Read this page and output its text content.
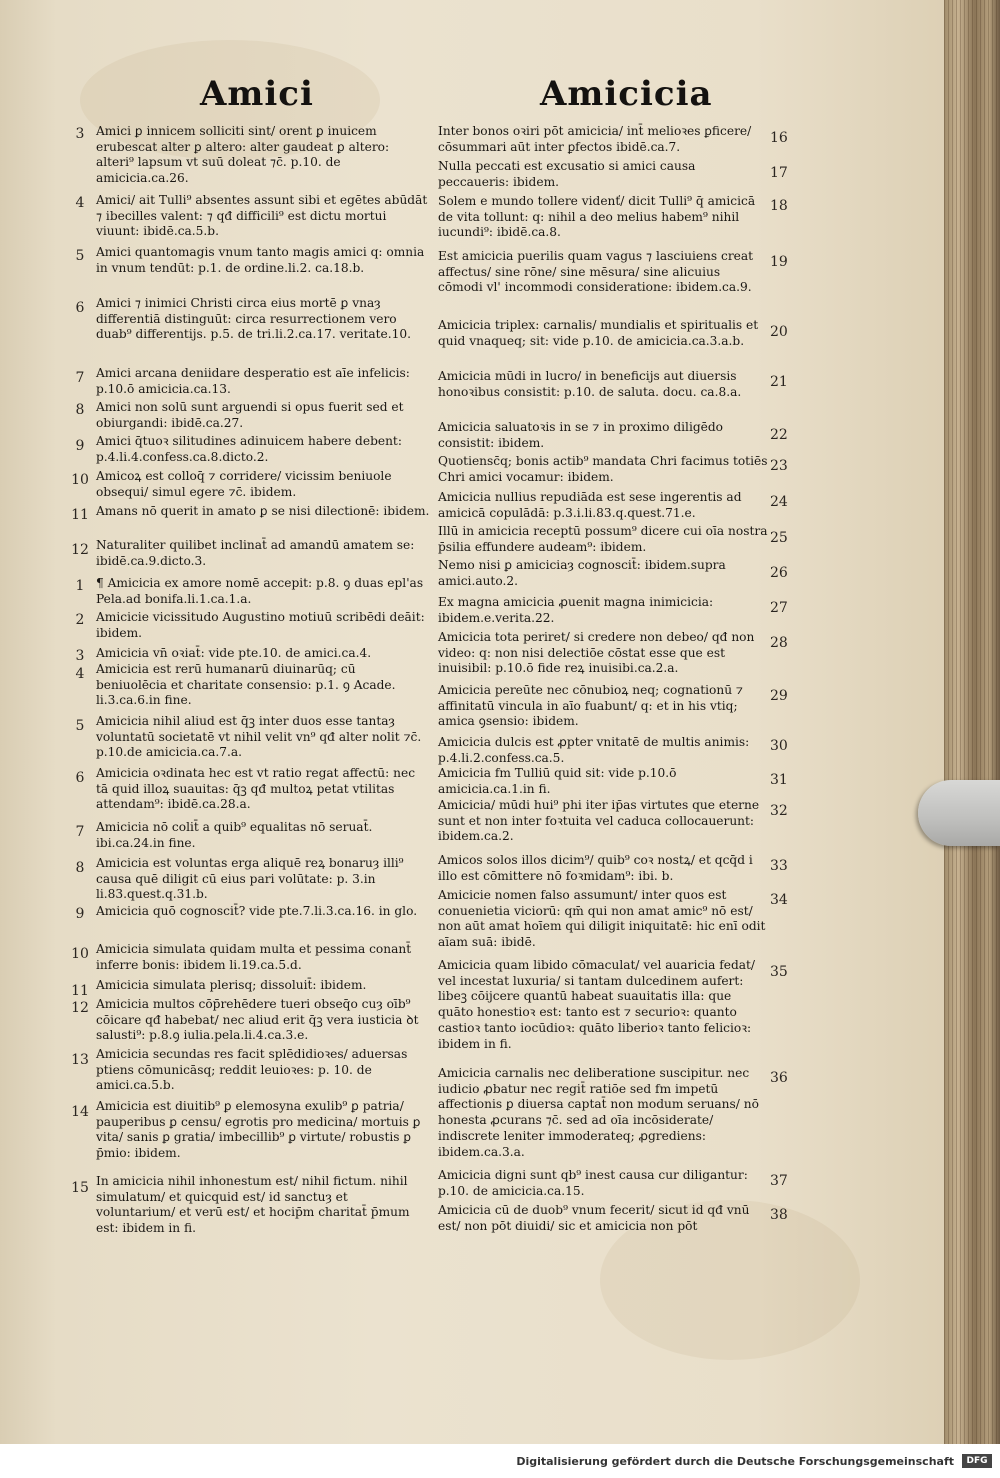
Amici	Amicicia
3 Amici ꝑ innicem solliciti sint/ orent ꝑ inuicem erubescat alter ꝑ altero: alter gaudeat ꝑ altero: alteri⁹ lapsum vt suū doleat ⁊c̄. p.10. de amicicia.ca.26.
4 Amici/ ait Tulli⁹ absentes assunt sibi et egētes abūdāt ⁊ ibecilles valent: ⁊ qđ difficili⁹ est dictu mortui viuunt: ibidē.ca.5.b.
5 Amici quantomagis vnum tanto magis amici q: omnia in vnum tendūt: p.1. de ordine.li.2. ca.18.b.
6 Amici ⁊ inimici Christi circa eius mortē ꝑ vnaȝ differentiā distinguūt: circa resurrectionem vero duab⁹ differentijs. p.5. de tri.li.2.ca.17. veritate.10.
7 Amici arcana deniidare desperatio est aīe infelicis: p.10.ō amicicia.ca.13.
8 Amici non solū sunt arguendi si opus fuerit sed et obiurgandi: ibidē.ca.27.
9 Amici q̄tuoꝛ silitudines adinuicem habere debent: p.4.li.4.confess.ca.8.dicto.2.
10 Amicoꝝ est colloq̄ ⁊ corridere/ vicissim beniuole obsequi/ simul egere ⁊c̄. ibidem.
11 Amans nō querit in amato ꝑ se nisi dilectionē: ibidem.
12 Naturaliter quilibet inclinat̄ ad amandū amatem se: ibidē.ca.9.dicto.3.
1 ¶ Amicicia ex amore nomē accepit: p.8. ꝯ duas epl'as Pela.ad bonifa.li.1.ca.1.a.
2 Amicicie vicissitudo Augustino motiuū scribēdi deāit: ibidem.
3 Amicicia vn̄ oꝛiat̄: vide pte.10. de amici.ca.4.
4 Amicicia est rerū humanarū diuinarūq; cū beniuolēcia et charitate consensio: p.1. ꝯ Acade. li.3.ca.6.in fine.
5 Amicicia nihil aliud est q̄ꝫ inter duos esse tantaȝ voluntatū societatē vt nihil velit vn⁹ qđ alter nolit ⁊c̄. p.10.de amicicia.ca.7.a.
6 Amicicia oꝛdinata hec est vt ratio regat affectū: nec tā quid illoꝝ suauitas: q̄ꝫ qđ multoꝝ petat vtilitas attendam⁹: ibidē.ca.28.a.
7 Amicicia nō colit̄ a quib⁹ equalitas nō seruat̄. ibi.ca.24.in fine.
8 Amicicia est voluntas erga aliquē reꝝ bonaruȝ illi⁹ causa quē diligit cū eius pari volūtate: p. 3.in li.83.quest.q.31.b.
9 Amicicia quō cognoscit̄? vide pte.7.li.3.ca.16. in glo.
10 Amicicia simulata quidam multa et pessima conant̄ inferre bonis: ibidem li.19.ca.5.d.
11 Amicicia simulata plerisq; dissoluit̄: ibidem.
12 Amicicia multos cōp̄rehēdere tueri obseq̄o cuȝ oīb⁹ cōicare qđ habebat/ nec aliud erit q̄ꝫ vera iusticia ꝺt salusti⁹: p.8.ꝯ iulia.pela.li.4.ca.3.e.
13 Amicicia secundas res facit splēdidioꝛes/ aduersas ptiens cōmunicāsq; reddit leuioꝛes: p. 10. de amici.ca.5.b.
14 Amicicia est diuitib⁹ ꝑ elemosyna exulib⁹ ꝑ patria/ pauperibus ꝑ censu/ egrotis pro medicina/ mortuis ꝑ vita/ sanis ꝑ gratia/ imbecillib⁹ ꝑ virtute/ robustis ꝑ p̄mio: ibidem.
15 In amicicia nihil inhonestum est/ nihil fictum. nihil simulatum/ et quicquid est/ id sanctuȝ et voluntarium/ et verū est/ et hocip̄m charitat̄ p̄mum est: ibidem in fi.
16
Inter bonos oꝛiri pōt amicicia/ int̄ melioꝛes ꝑficere/ cōsummari aūt inter ꝑfectos ibidē.ca.7.
17
Nulla peccati est excusatio si amici causa peccaueris: ibidem.
18
Solem e mundo tollere videnť/ dicit Tulli⁹ q̄ amicicā de vita tollunt: q: nihil a deo melius habem⁹ nihil iucundi⁹: ibidē.ca.8.
19
Est amicicia puerilis quam vagus ⁊ lasciuiens creat affectus/ sine rōne/ sine mēsura/ sine alicuius cōmodi vl' incommodi consideratione: ibidem.ca.9.
20
Amicicia triplex: carnalis/ mundialis et spiritualis et quid vnaqueq; sit: vide p.10. de amicicia.ca.3.a.b.
21
Amicicia mūdi in lucro/ in beneficijs aut diuersis honoꝛibus consistit: p.10. de saluta. docu. ca.8.a.
22
Amicicia saluatoꝛis in se ⁊ in proximo diligēdo consistit: ibidem.
23
Quotiensc̄q; bonis actib⁹ mandata Chri facimus totiēs Chri amici vocamur: ibidem.
24
Amicicia nullius repudiāda est sese ingerentis ad amicicā copulādā: p.3.i.li.83.q.quest.71.e.
25
Illū in amicicia receptū possum⁹ dicere cui oīa nostra p̄silia effundere audeam⁹: ibidem.
26
Nemo nisi ꝑ amiciciaȝ cognoscit̄: ibidem.supra amici.auto.2.
27
Ex magna amicicia ꝓuenit magna inimicicia: ibidem.e.verita.22.
28
Amicicia tota periret/ si credere non debeo/ qđ non video: q: non nisi delectiōe cōstat esse que est inuisibil: p.10.ō fide reꝝ inuisibi.ca.2.a.
29
Amicicia pereūte nec cōnubioꝝ neq; cognationū ⁊ affinitatū vincula in aīo fuabunt/ q: et in his vtiq; amica ꝯsensio: ibidem.
30
Amicicia dulcis est ꝓpter vnitatē de multis animis: p.4.li.2.confess.ca.5.
31
Amicicia fm Tulliū quid sit: vide p.10.ō amicicia.ca.1.in fi.
32
Amicicia/ mūdi hui⁹ phi iter ip̄as virtutes que eterne sunt et non inter foꝛtuita vel caduca collocauerunt: ibidem.ca.2.
33
Amicos solos illos dicim⁹/ quib⁹ coꝛ nostꝝ/ et qcq̄d i illo est cōmittere nō foꝛmidam⁹: ibi. b.
34
Amicicie nomen falso assumunt/ inter quos est conuenietia viciorū: qm̄ qui non amat amic⁹ nō est/ non aūt amat hoīem qui diligit iniquitatē: hic enī odit aīam suā: ibidē.
35
Amicicia quam libido cōmaculat/ vel auaricia fedat/ vel incestat luxuria/ si tantam dulcedinem aufert: libeꝫ cōijcere quantū habeat suauitatis illa: que quāto honestioꝛ est: tanto est ⁊ securioꝛ: quanto castioꝛ tanto iocūdioꝛ: quāto liberioꝛ tanto felicioꝛ: ibidem in fi.
36
Amicicia carnalis nec deliberatione suscipitur. nec iudicio ꝓbatur nec regit̄ ratiōe sed fm impetū affectionis ꝑ diuersa captat̄ non modum seruans/ nō honesta ꝓcurans ⁊c̄. sed ad oīa incōsiderate/ indiscrete leniter immoderateq; ꝓgrediens: ibidem.ca.3.a.
37
Amicicia digni sunt qb⁹ inest causa cur diligantur: p.10. de amicicia.ca.15.
38
Amicicia cū de duob⁹ vnum fecerit/ sicut id qđ vnū est/ non pōt diuidi/ sic et amicicia non pōt
Digitalisierung gefördert durch die Deutsche Forschungsgemeinschaft	DFG
